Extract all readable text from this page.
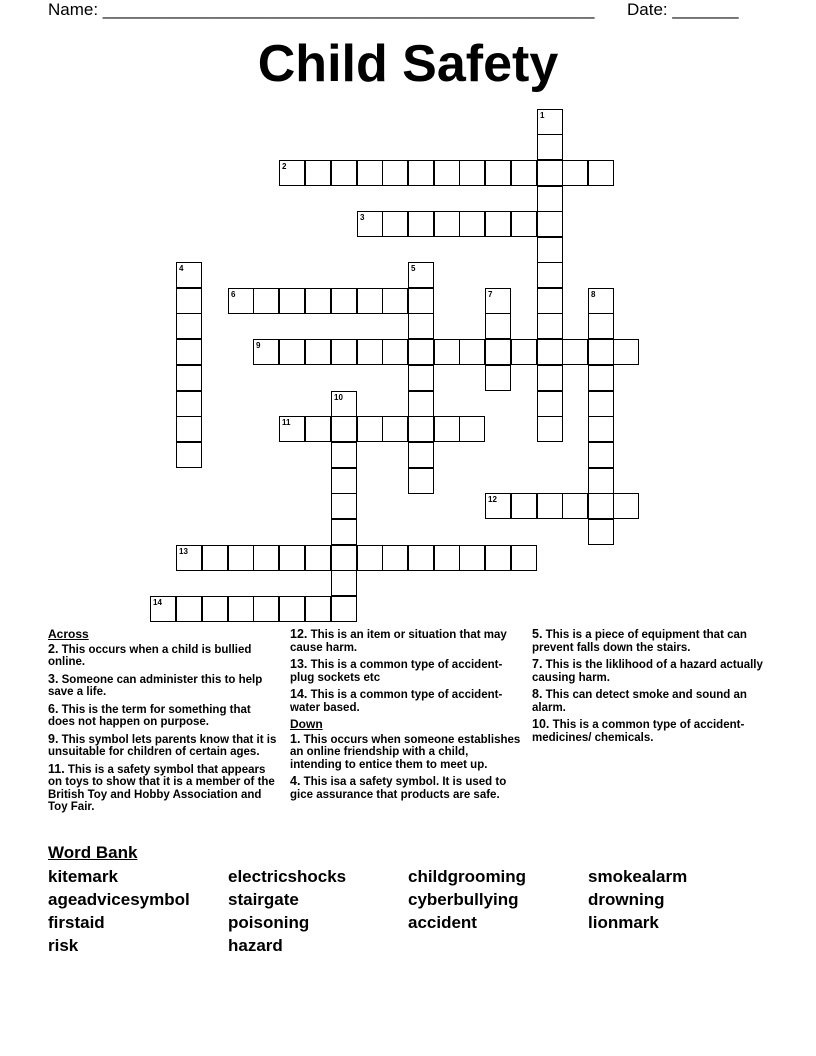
Name: ____________________________________________________ Date: _______
Child Safety
1
2
3
4	5
6	7	8
9
10
11
12
13
14
Across
2. This occurs when a child is bullied online.
3. Someone can administer this to help save a life.
6. This is the term for something that does not happen on purpose.
9. This symbol lets parents know that it is unsuitable for children of certain ages.
11. This is a safety symbol that appears on toys to show that it is a member of the British Toy and Hobby Association and Toy Fair.
12. This is an item or situation that may cause harm.
13. This is a common type of accident- plug sockets etc
14. This is a common type of accident- water based.
Down
1. This occurs when someone establishes an online friendship with a child, intending to entice them to meet up.
4. This isa a safety symbol. It is used to gice assurance that products are safe.
5. This is a piece of equipment that can prevent falls down the stairs.
7. This is the liklihood of a hazard actually causing harm.
8. This can detect smoke and sound an alarm.
10. This is a common type of accident- medicines/ chemicals.
Word Bank
kitemark	electricshocks	childgrooming	smokealarm
ageadvicesymbol stairgate	cyberbullying	drowning
firstaid	poisoning	accident	lionmark
risk	hazard
